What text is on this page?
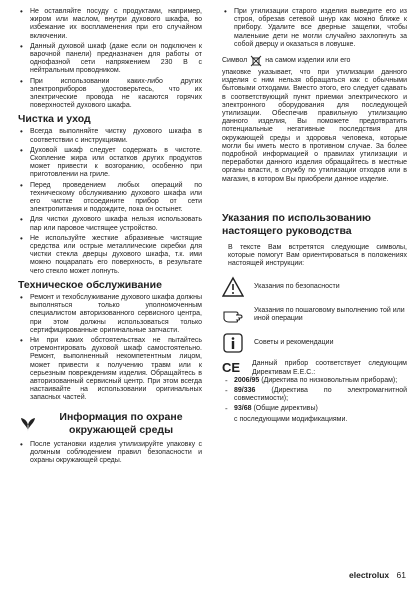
• Не оставляйте посуду с продуктами, например, жиром или маслом, внутри духового шкафа, во избежание их воспламенения при его случайном включении.
• Данный духовой шкаф (даже если он подключен к варочной панели) предназначен для работы от однофазной сети напряжением 230 В с нейтральным проводником.
• При использовании каких-либо других электроприборов удостоверьтесь, что их электрические провода не касаются горячих поверхностей духового шкафа.
Чистка и уход
• Всегда выполняйте чистку духового шкафа в соответствии с инструкциями.
• Духовой шкаф следует содержать в чистоте. Скопление жира или остатков других продуктов может привести к возгоранию, особенно при приготовлении на гриле.
• Перед проведением любых операций по техническому обслуживанию духового шкафа или его чистке отсоедините прибор от сети электропитания и подождите, пока он остынет.
• Для чистки духового шкафа нельзя использовать пар или паровое чистящее устройство.
• Не используйте жесткие абразивные чистящие средства или острые металлические скребки для чистки стекла дверцы духового шкафа, т.к. ими можно поцарапать его поверхность, в результате чего стекло может лопнуть.
Техническое обслуживание
• Ремонт и техобслуживание духового шкафа должны выполняться только уполномоченным специалистом авторизованного сервисного центра, при этом должны использоваться только сертифицированные оригинальные запчасти.
• Ни при каких обстоятельствах не пытайтесь отремонтировать духовой шкаф самостоятельно. Ремонт, выполненный некомпетентным лицом, может привести к получению травм или к серьезным повреждениям изделия. Обращайтесь в авторизованный сервисный центр. При этом всегда настаивайте на использовании оригинальных запасных частей.
Информация по охране окружающей среды
• После установки изделия утилизируйте упаковку с должным соблюдением правил безопасности и охраны окружающей среды.
• При утилизации старого изделия выведите его из строя, обрезав сетевой шнур как можно ближе к прибору. Удалите все дверные защелки, чтобы маленькие дети не могли случайно захлопнуть за собой дверцу и оказаться в ловушке.
Символ	на самом изделии или его

упаковке указывает, что при утилизации данного изделия с ним нельзя обращаться как с обычными бытовыми отходами. Вместо этого, его следует сдавать в соответствующий пункт приемки электрического и электронного оборудования для последующей утилизации. Обеспечив правильную утилизацию данного изделия, Вы поможете предотвратить потенциальные негативные последствия для окружающей среды и здоровья человека, которые могли бы иметь место в противном случае. За более подробной информацией о правилах утилизации и переработки данного изделия обращайтесь в местные органы власти, в службу по утилизации отходов или в магазин, в котором Вы приобрели данное изделие.

Указания по использованию настоящего руководства

В тексте Вам встретятся следующие символы, которые помогут Вам ориентироваться в положениях настоящей инструкции:

Указания по безопасности
Указания по пошаговому выполнению той или иной операции
Советы и рекомендации
CE	Данный прибор соответствует следующим Директивам Е.Е.С.:

- 2006/95 (Директива по низковольтным приборам);
- 89/336 (Директива по электромагнитной совместимости);
- 93/68 (Общие директивы)

с последующими модификациями.

electrolux 61
